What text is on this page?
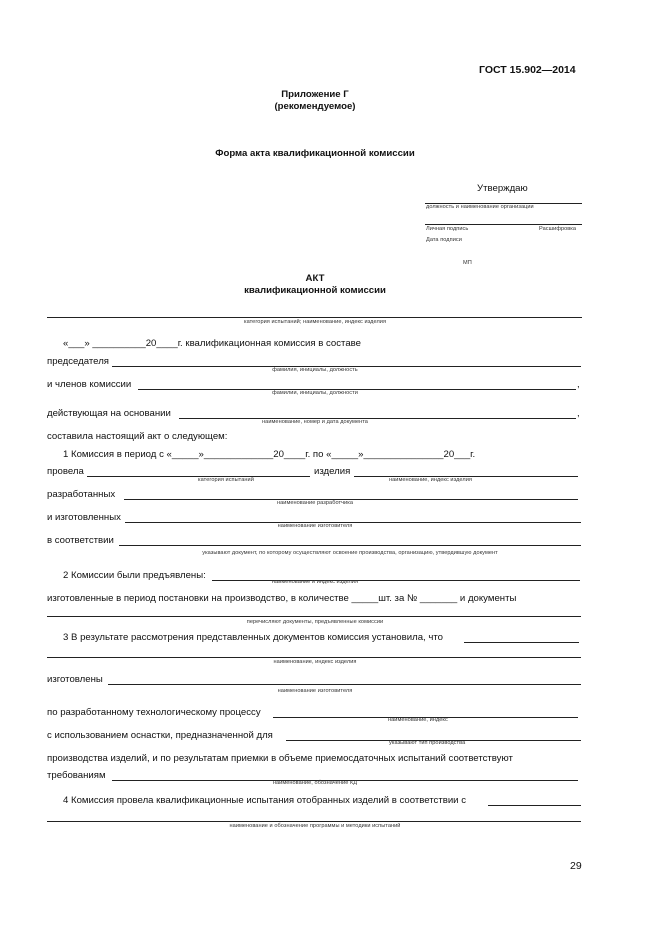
ГОСТ 15.902—2014
Приложение Г
(рекомендуемое)
Форма акта квалификационной комиссии
Утверждаю
должность и наименование организации
Личная подпись	Расшифровка
Дата подписи
МП
АКТ
квалификационной комиссии
категория испытаний; наименование, индекс изделия
«___» __________20____г. квалификационная комиссия в составе
председателя
фамилия, инициалы, должность
и членов комиссии	,
фамилии, инициалы, должности
действующая на основании	,
наименование, номер и дата документа
составила настоящий акт о следующем:
1 Комиссия в период с «_____»_____________20____г. по «_____»_______________20___г.
провела	изделия
категория испытаний	наименование, индекс изделия
разработанных
наименование разработчика
и изготовленных
наименование изготовителя
в соответствии
указывают документ, по которому осуществляют освоение производства, организацию, утвердившую документ
2 Комиссии были предъявлены:
наименование и индекс изделия
изготовленные в период постановки на производство, в количестве _____шт. за № _______ и документы
перечисляют документы, предъявленные комиссии
3 В результате рассмотрения представленных документов комиссия установила, что
наименование, индекс изделия
изготовлены
наименование изготовителя
по разработанному технологическому процессу
наименование, индекс
с использованием оснастки, предназначенной для
указывают тип производства
производства изделий, и по результатам приемки в объеме приемосдаточных испытаний соответствуют
требованиям
наименование, обозначение КД
4 Комиссия провела квалификационные испытания отобранных изделий в соответствии с
наименование и обозначение программы и методики испытаний
29
